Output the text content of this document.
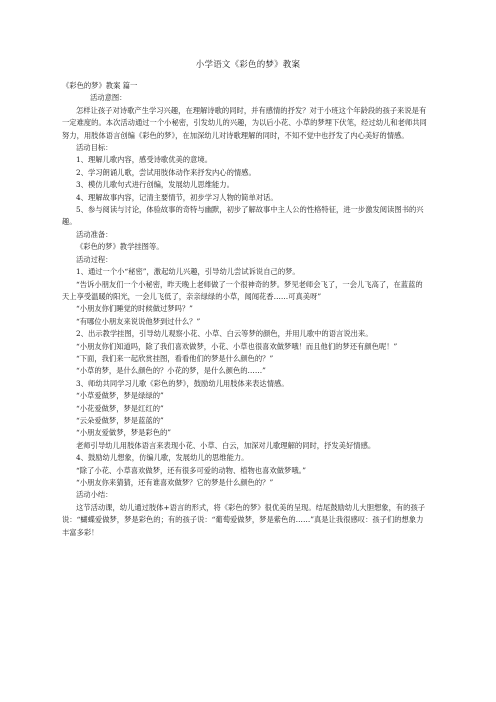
小学语文《彩色的梦》教案

《彩色的梦》教案 篇一

活动意图：

怎样让孩子对诗歌产生学习兴趣，在理解诗歌的同时，并有感情的抒发？对于小班这个年龄段的孩子来说是有一定难度的。本次活动通过一个小秘密，引发幼儿的兴趣，为以后小花、小草的梦埋下伏笔，经过幼儿和老师共同努力，用肢体语言创编《彩色的梦》，在加深幼儿对诗歌理解的同时，不知不觉中也抒发了内心美好的情感。

活动目标：

1、理解儿歌内容，感受诗歌优美的意境。

2、学习朗诵儿歌，尝试用肢体动作来抒发内心的情感。

3、模仿儿歌句式进行创编，发展幼儿思维能力。

4、理解故事内容，记清主要情节，初步学习人物的简单对话。

5、参与阅读与讨论，体验故事的奇特与幽默，初步了解故事中主人公的性格特征，进一步激发阅读图书的兴趣。

活动准备：

《彩色的梦》教学挂图等。

活动过程：

1、通过一个小“秘密”，激起幼儿兴趣，引导幼儿尝试诉说自己的梦。

“告诉小朋友们一个小秘密，昨天晚上老师做了一个很神奇的梦。梦见老师会飞了，一会儿飞高了，在蓝蓝的天上享受温暖的阳光，一会儿飞低了，亲亲绿绿的小草，闻闻花香……可真美呀”

“小朋友你们睡觉的时候做过梦吗？”

“有哪位小朋友来说说他梦到过什么？”

2、出示教学挂图，引导幼儿观察小花、小草、白云等梦的颜色，并用儿歌中的语言说出来。

“小朋友你们知道吗，除了我们喜欢做梦，小花、小草也很喜欢做梦哦！而且他们的梦还有颜色呢！”

“下面，我们来一起欣赏挂图，看看他们的梦是什么颜色的？”

“小草的梦，是什么颜色的？小花的梦，是什么颜色的……”

3、师幼共同学习儿歌《彩色的梦》，鼓励幼儿用肢体来表达情感。

“小草爱做梦，梦是绿绿的”

“小花爱做梦，梦是红红的”

“云朵爱做梦，梦是蓝蓝的”

“小朋友爱做梦，梦是彩色的”

老师引导幼儿用肢体语言来表现小花、小草、白云，加深对儿歌理解的同时，抒发美好情感。

4、鼓励幼儿想象，仿编儿歌，发展幼儿的思维能力。

“除了小花、小草喜欢做梦，还有很多可爱的动物、植物也喜欢做梦哦。”

“小朋友你来猜猜，还有谁喜欢做梦？它的梦是什么颜色的？”

活动小结：

这节活动课，幼儿通过肢体+语言的形式，将《彩色的梦》很优美的呈现。结尾鼓励幼儿大胆想象，有的孩子说：“蝴蝶爱做梦，梦是彩色的；有的孩子说：“葡萄爱做梦，梦是紫色的……”真是让我很感叹：孩子们的想象力丰富多彩！
